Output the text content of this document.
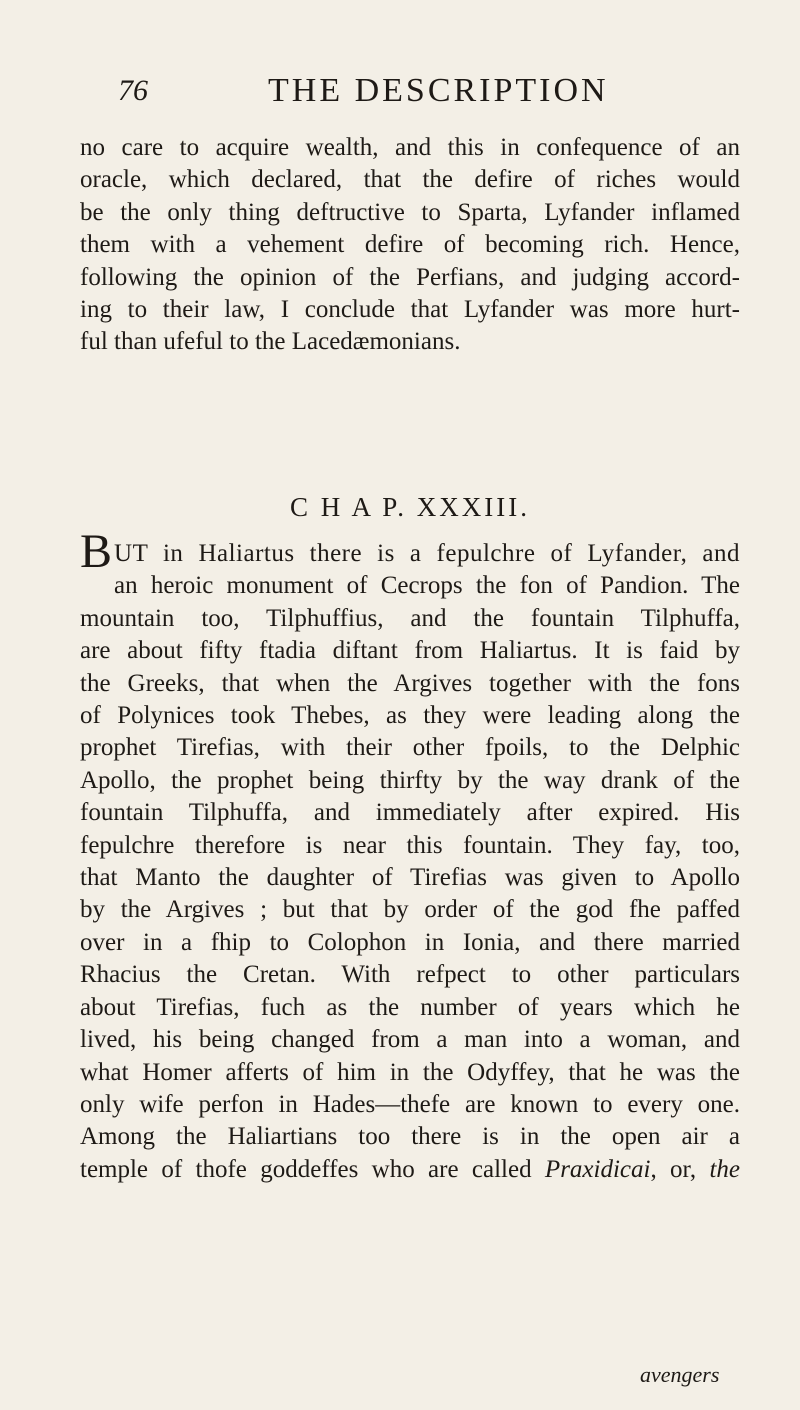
76	THE DESCRIPTION
no care to acquire wealth, and this in confequence of an
oracle, which declared, that the defire of riches would
be the only thing deftructive to Sparta, Lyfander inflamed
them with a vehement defire of becoming rich. Hence,
following the opinion of the Perfians, and judging accord-
ing to their law, I conclude that Lyfander was more hurt-
ful than ufeful to the Lacedæmonians.
C H A P. XXXIII.
BUT in Haliartus there is a fepulchre of Lyfander, and
an heroic monument of Cecrops the fon of Pandion. The
mountain too, Tilphuffius, and the fountain Tilphuffa,
are about fifty ftadia diftant from Haliartus. It is faid by
the Greeks, that when the Argives together with the fons
of Polynices took Thebes, as they were leading along the
prophet Tirefias, with their other fpoils, to the Delphic
Apollo, the prophet being thirfty by the way drank of the
fountain Tilphuffa, and immediately after expired. His
fepulchre therefore is near this fountain. They fay, too,
that Manto the daughter of Tirefias was given to Apollo
by the Argives ; but that by order of the god fhe paffed
over in a fhip to Colophon in Ionia, and there married
Rhacius the Cretan. With refpect to other particulars
about Tirefias, fuch as the number of years which he
lived, his being changed from a man into a woman, and
what Homer afferts of him in the Odyffey, that he was the
only wife perfon in Hades—thefe are known to every one.
Among the Haliartians too there is in the open air a
temple of thofe goddeffes who are called Praxidicai, or, the
avengers
